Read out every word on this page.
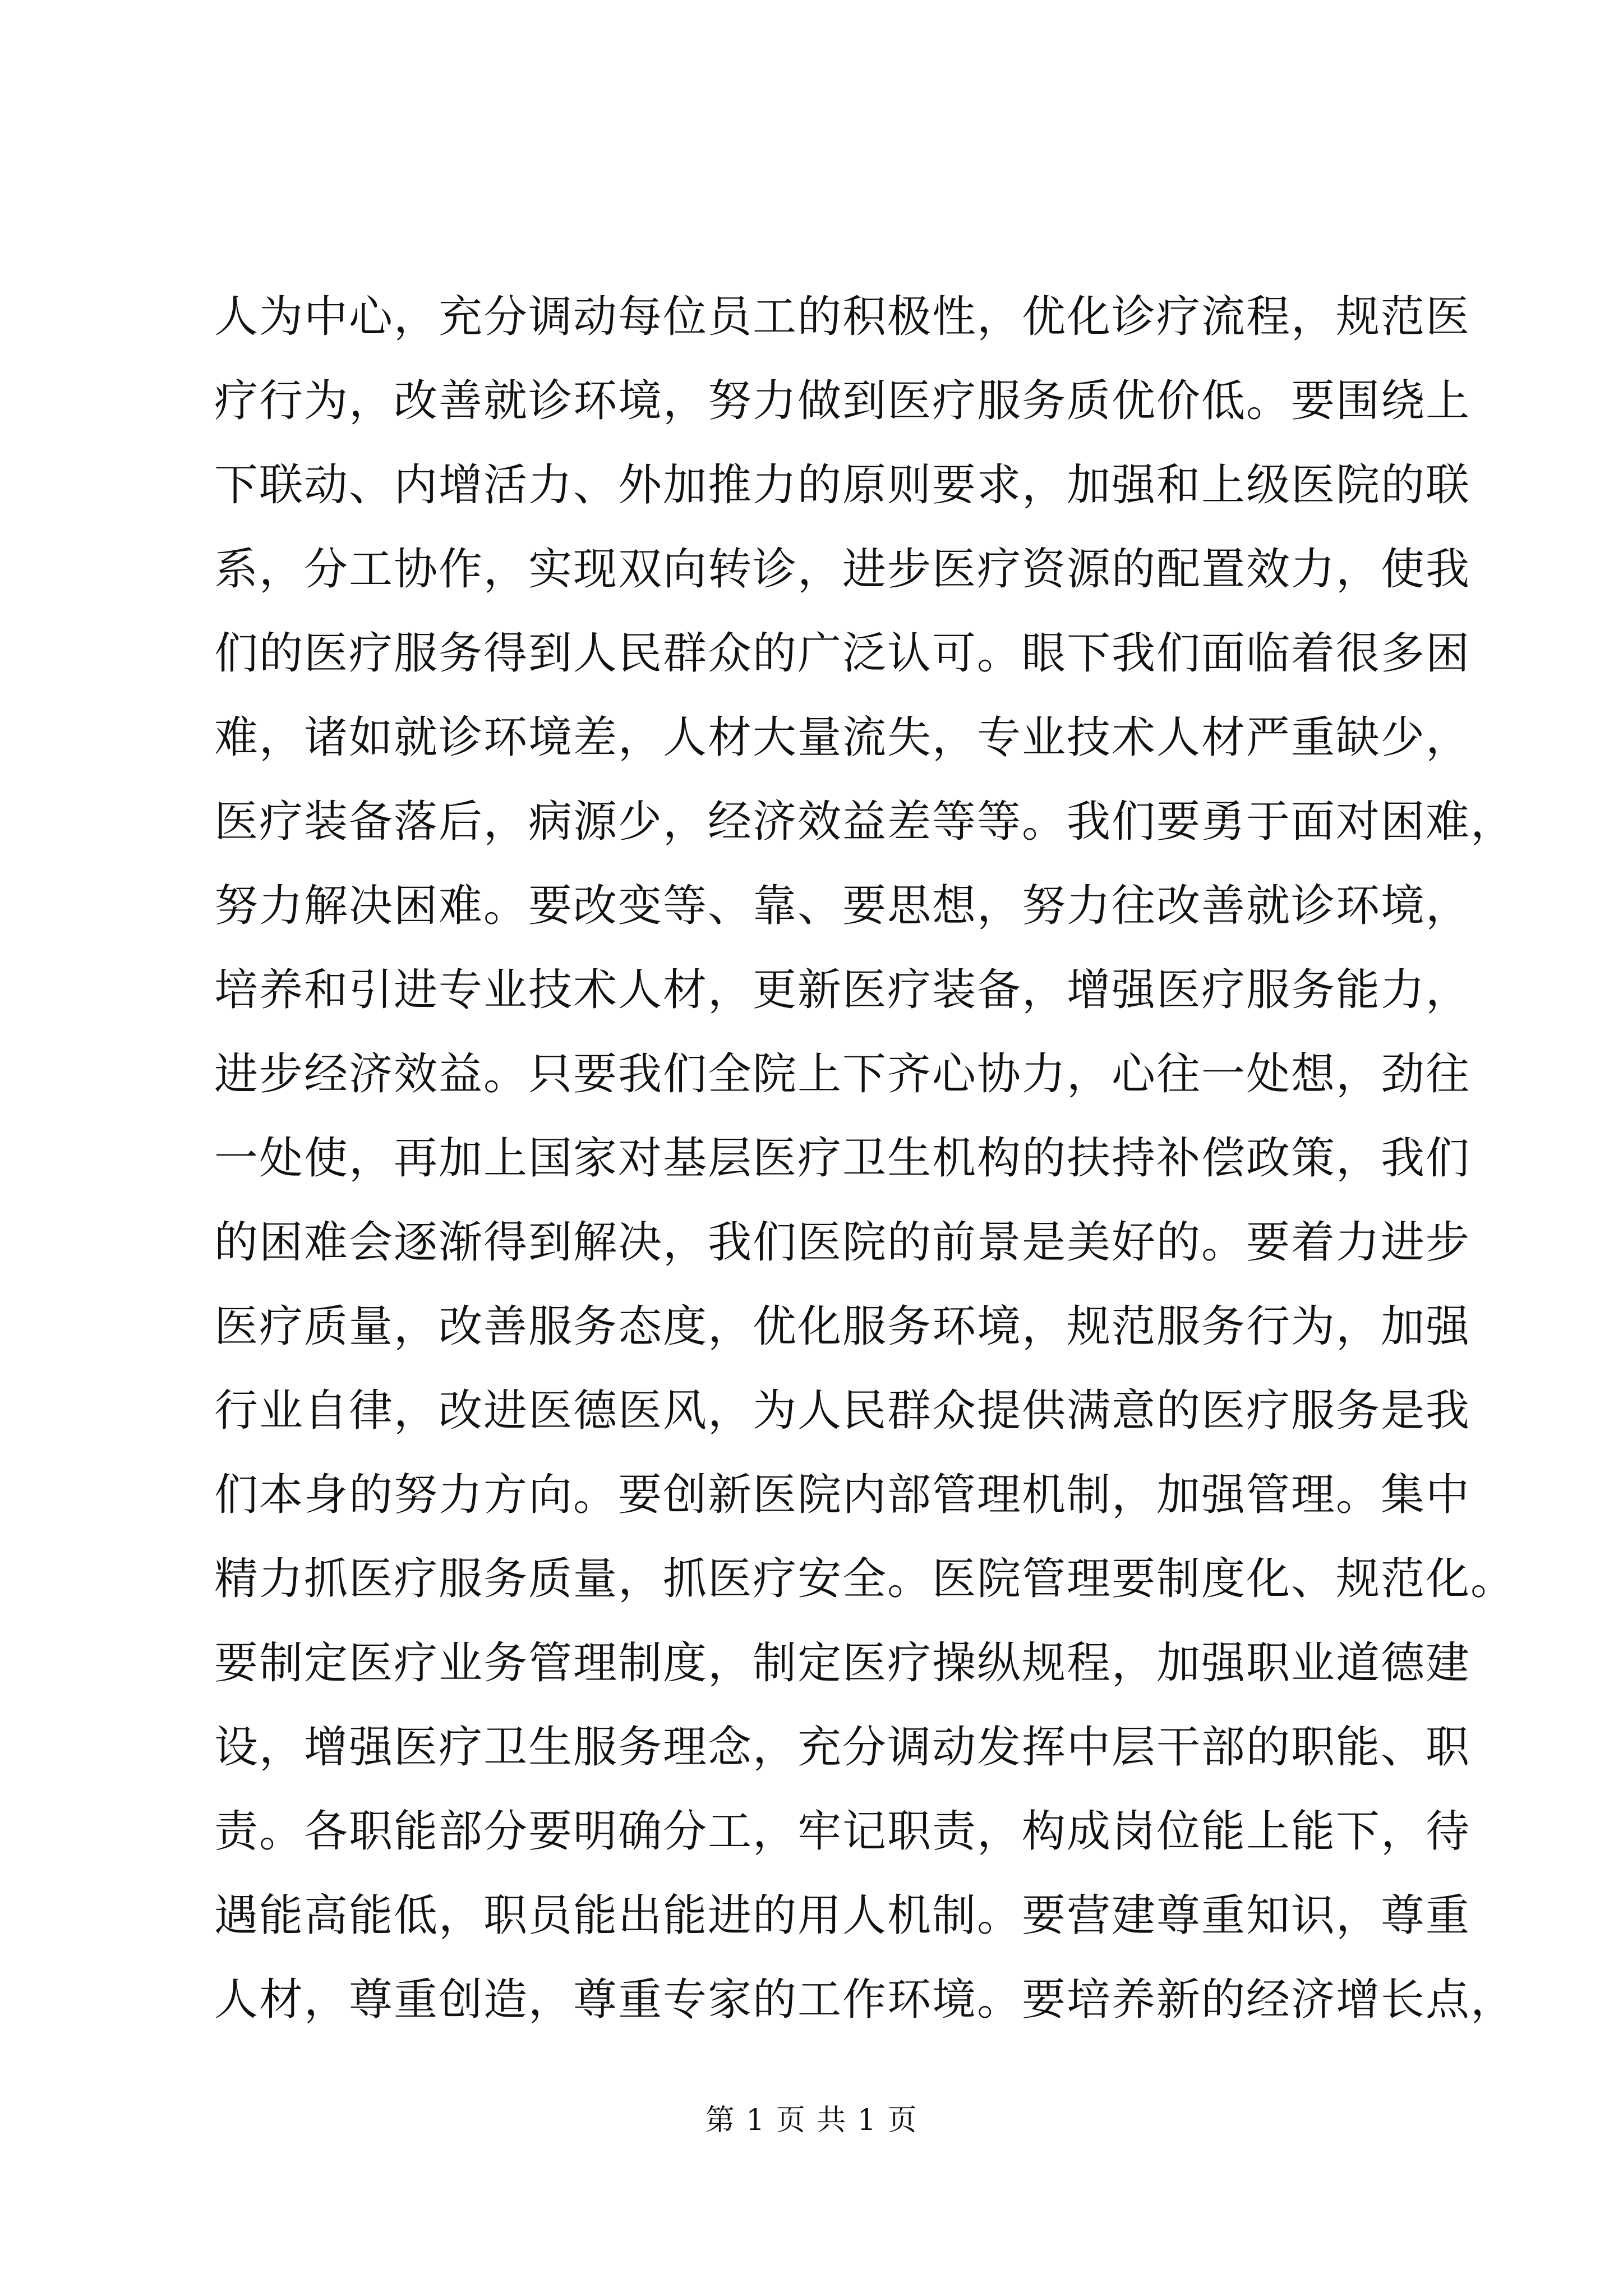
人为中心，充分调动每位员工的积极性，优化诊疗流程，规范医
疗行为，改善就诊环境，努力做到医疗服务质优价低。要围绕上
下联动、内增活力、外加推力的原则要求，加强和上级医院的联
系，分工协作，实现双向转诊，进步医疗资源的配置效力，使我
们的医疗服务得到人民群众的广泛认可。眼下我们面临着很多困
难，诸如就诊环境差，人材大量流失，专业技术人材严重缺少，
医疗装备落后，病源少，经济效益差等等。我们要勇于面对困难，
努力解决困难。要改变等、靠、要思想，努力往改善就诊环境，
培养和引进专业技术人材，更新医疗装备，增强医疗服务能力，
进步经济效益。只要我们全院上下齐心协力，心往一处想，劲往
一处使，再加上国家对基层医疗卫生机构的扶持补偿政策，我们
的困难会逐渐得到解决，我们医院的前景是美好的。要着力进步
医疗质量，改善服务态度，优化服务环境，规范服务行为，加强
行业自律，改进医德医风，为人民群众提供满意的医疗服务是我
们本身的努力方向。要创新医院内部管理机制，加强管理。集中
精力抓医疗服务质量，抓医疗安全。医院管理要制度化、规范化。
要制定医疗业务管理制度，制定医疗操纵规程，加强职业道德建
设，增强医疗卫生服务理念，充分调动发挥中层干部的职能、职
责。各职能部分要明确分工，牢记职责，构成岗位能上能下，待
遇能高能低，职员能出能进的用人机制。要营建尊重知识，尊重
人材，尊重创造，尊重专家的工作环境。要培养新的经济增长点，
第 1 页 共 1 页
